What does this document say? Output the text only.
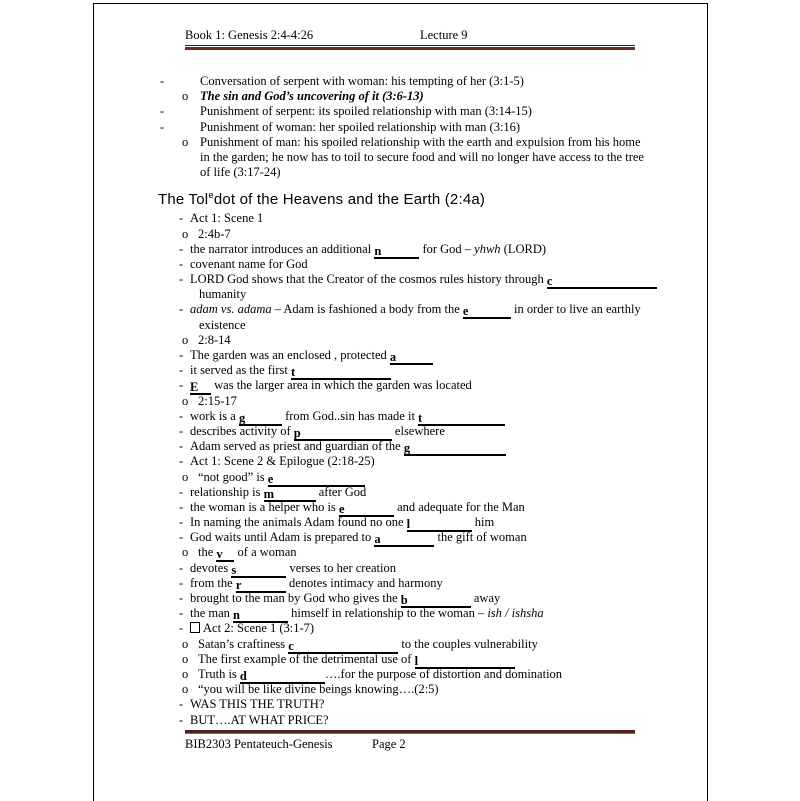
Book 1: Genesis 2:4-4:26	Lecture 9
-	Conversation of serpent with woman: his tempting of her (3:1-5)
o The sin and God’s uncovering of it (3:6-13)
-	Punishment of serpent: its spoiled relationship with man (3:14-15)
-	Punishment of woman: her spoiled relationship with man (3:16)
o Punishment of man: his spoiled relationship with the earth and expulsion from his home
in the garden; he now has to toil to secure food and will no longer have access to the tree
of life (3:17-24)
The Tol$^e$dot of the Heavens and the Earth (2:4a)
- Act 1: Scene 1
o 2:4b-7
- the narrator introduces an additional n	for God – yhwh (LORD)
- covenant name for God
- LORD God shows that the Creator of the cosmos rules history through c
humanity
- adam vs. adama – Adam is fashioned a body from the e	in order to live an earthly
existence
o 2:8-14
- The garden was an enclosed , protected a
- it served as the first t
- E was the larger area in which the garden was located
o 2:15-17
- work is a g	from God..sin has made it t
- describes activity of p	elsewhere
- Adam served as priest and guardian of the g
- Act 1: Scene 2 & Epilogue (2:18-25)
o “not good” is e
- relationship is m	after God
- the woman is a helper who is e	and adequate for the Man
- In naming the animals Adam found no one l	him
- God waits until Adam is prepared to a	the gift of woman
o the v of a woman
- devotes s	verses to her creation
- from the r	denotes intimacy and harmony
- brought to the man by God who gives the b	away
- the man n	himself in relationship to the woman – ish / ishsha
- Act 2: Scene 1 (3:1-7)
o Satan’s craftiness c	to the couples vulnerability
o The first example of the detrimental use of l
o Truth is d	….for the purpose of distortion and domination
o “you will be like divine beings knowing….(2:5)
- WAS THIS THE TRUTH?
- BUT….AT WHAT PRICE?
BIB2303 Pentateuch-Genesis	Page 2
